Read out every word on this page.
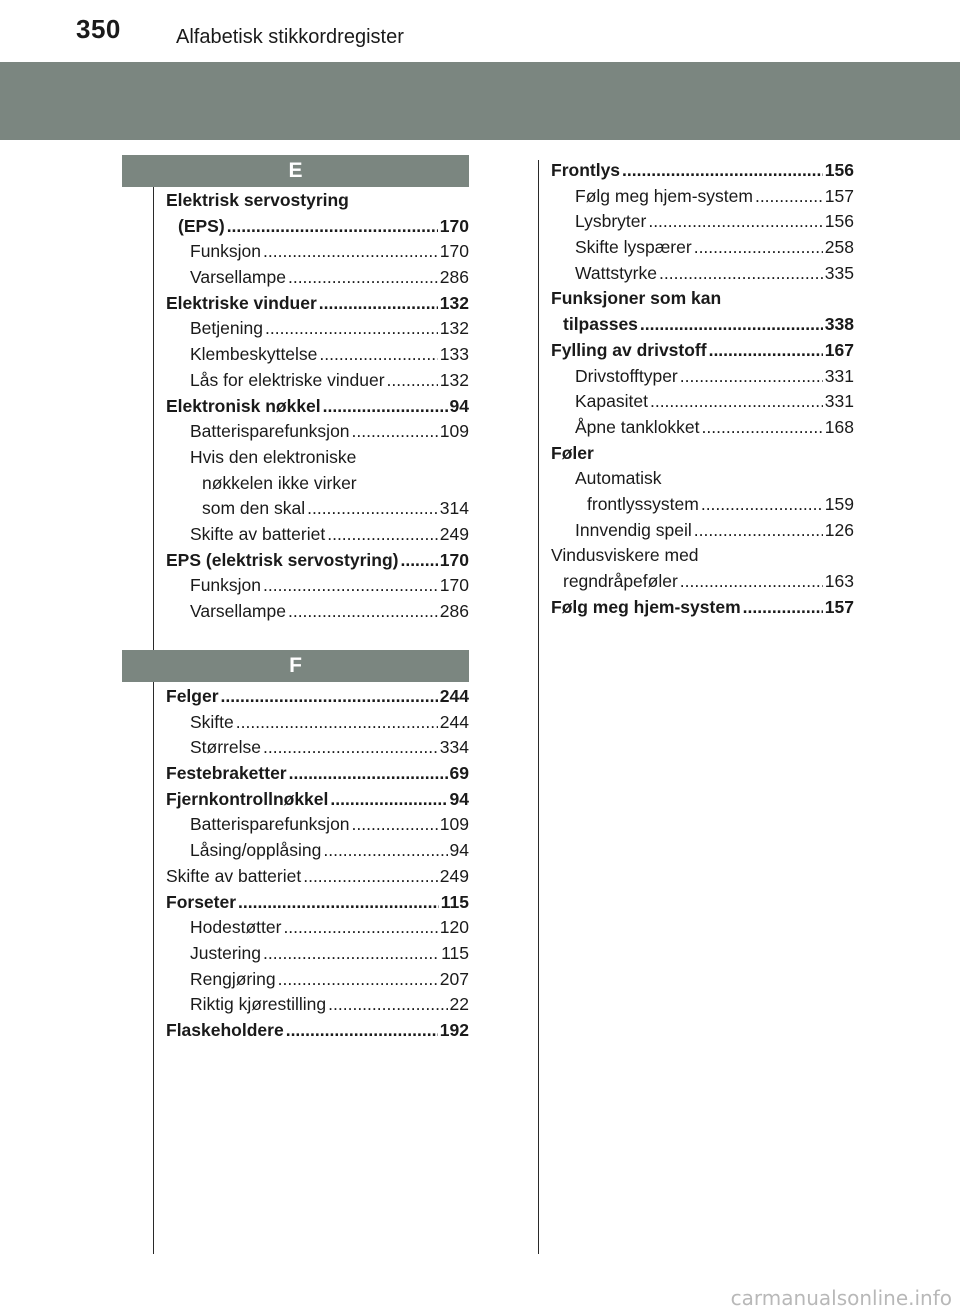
350	Alfabetisk stikkordregister
E
F
Elektrisk servostyring
(EPS) .....	170
Funksjon .....	170
Varsellampe .....	286
Elektriske vinduer .....	132
Betjening .....	132
Klembeskyttelse .....	133
Lås for elektriske vinduer .....	132
Elektronisk nøkkel .....	94
Batterisparefunksjon .....	109
Hvis den elektroniske
nøkkelen ikke virker
som den skal .....	314
Skifte av batteriet .....	249
EPS (elektrisk servostyring) ..... 170
Funksjon .....	170
Varsellampe .....	286
Felger .....	244
Skifte .....	244
Størrelse .....	334
Festebraketter .....	69
Fjernkontrollnøkkel .....	94
Batterisparefunksjon .....	109
Låsing/opplåsing .....	94
Skifte av batteriet .....	249
Forseter .....	115
Hodestøtter .....	120
Justering .....	115
Rengjøring .....	207
Riktig kjørestilling .....	22
Flaskeholdere .....	192
Frontlys .....	156
Følg meg hjem-system .....	157
Lysbryter .....	156
Skifte lyspærer .....	258
Wattstyrke .....	335
Funksjoner som kan
tilpasses .....	338
Fylling av drivstoff .....	167
Drivstofftyper .....	331
Kapasitet .....	331
Åpne tanklokket .....	168
Føler
Automatisk
frontlyssystem .....	159
Innvendig speil .....	126
Vindusviskere med
regndråpeføler .....	163
Følg meg hjem-system .....	157
carmanualsonline.info
